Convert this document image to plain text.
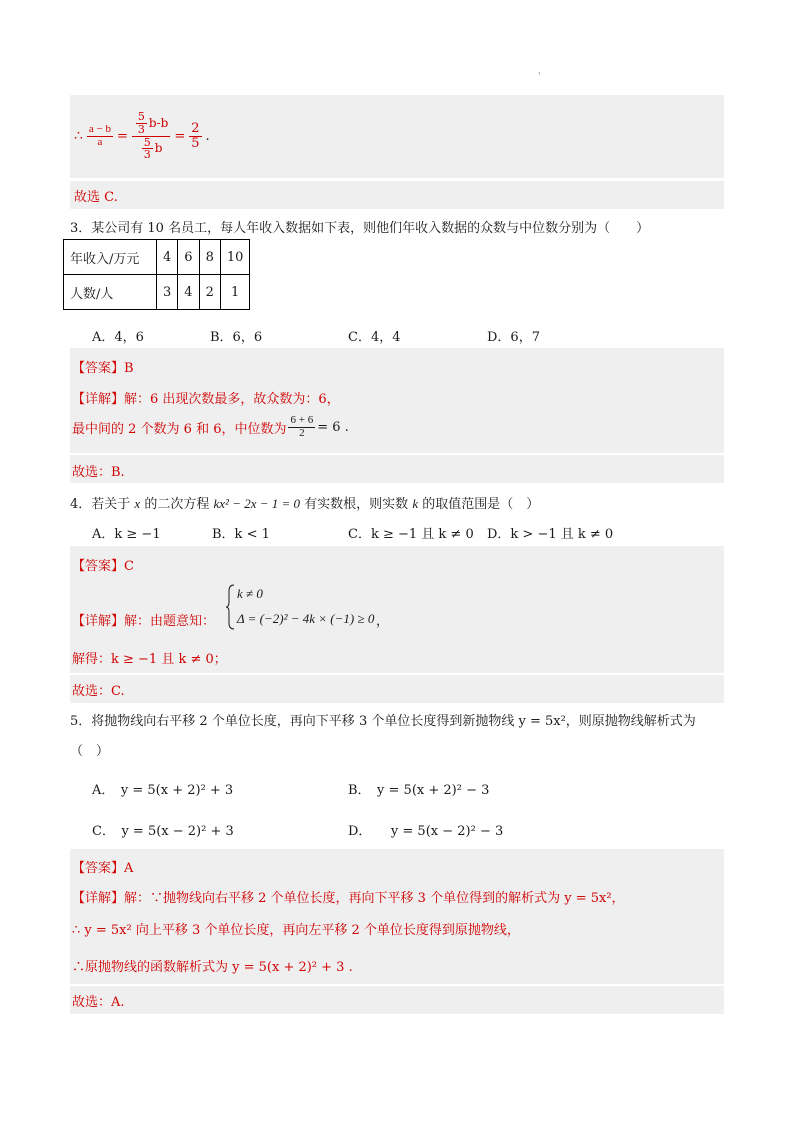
'
∴ $\frac{a - b}{a} = \frac{\frac{5}{3} b-b}{\frac{5}{3} b} = \frac{2}{5}$ .
故选 C.
3．某公司有 10 名员工，每人年收入数据如下表，则他们年收入数据的众数与中位数分别为（　　）
年收入/万元	4	6	8	10
人数/人	3	4	2	1
A．4，6	B．6，6	C．4，4	D．6，7
【答案】B
【详解】解：6 出现次数最多，故众数为：6，
最中间的 2 个数为 6 和 6，中位数为 $\frac{6 + 6}{2} = 6$ .
故选：B.
4．若关于 x 的二次方程 kx² − 2x − 1 = 0 有实数根，则实数 k 的取值范围是（　）
A．k ≥ −1	B．k < 1	C．k ≥ −1 且 k ≠ 0 D．k > −1 且 k ≠ 0
【答案】C
【详解】解：由题意知：
k ≠ 0
Δ = (−2)² − 4k × (−1) ≥ 0 ，
解得：k ≥ −1 且 k ≠ 0；
故选：C.
5．将抛物线向右平移 2 个单位长度，再向下平移 3 个单位长度得到新抛物线 y = 5x²，则原抛物线解析式为
（　）
A．　y = 5(x + 2)² + 3	B．　y = 5(x + 2)² − 3
C．　y = 5(x − 2)² + 3	D．　　y = 5(x − 2)² − 3
【答案】A
【详解】解：∵抛物线向右平移 2 个单位长度，再向下平移 3 个单位得到的解析式为 y = 5x²，
∴ y = 5x² 向上平移 3 个单位长度，再向左平移 2 个单位长度得到原抛物线，
∴原抛物线的函数解析式为 y = 5(x + 2)² + 3 .
故选：A.
